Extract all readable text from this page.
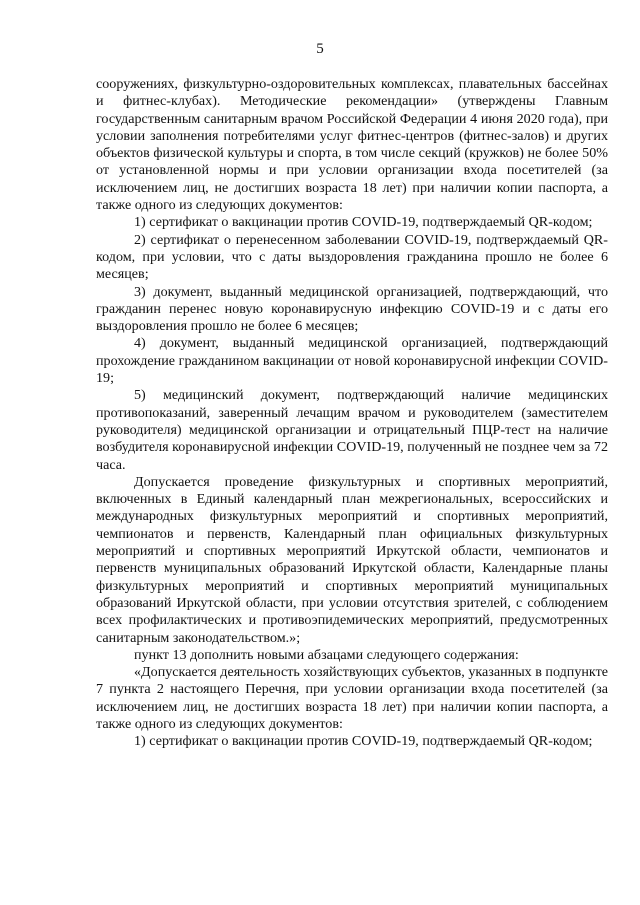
5

сооружениях, физкультурно-оздоровительных комплексах, плавательных бассейнах и фитнес-клубах). Методические рекомендации» (утверждены Главным государственным санитарным врачом Российской Федерации 4 июня 2020 года), при условии заполнения потребителями услуг фитнес-центров (фитнес-залов) и других объектов физической культуры и спорта, в том числе секций (кружков) не более 50% от установленной нормы и при условии организации входа посетителей (за исключением лиц, не достигших возраста 18 лет) при наличии копии паспорта, а также одного из следующих документов:

1) сертификат о вакцинации против COVID-19, подтверждаемый QR-кодом;

2) сертификат о перенесенном заболевании COVID-19, подтверждаемый QR-кодом, при условии, что с даты выздоровления гражданина прошло не более 6 месяцев;

3) документ, выданный медицинской организацией, подтверждающий, что гражданин перенес новую коронавирусную инфекцию COVID-19 и с даты его выздоровления прошло не более 6 месяцев;

4) документ, выданный медицинской организацией, подтверждающий прохождение гражданином вакцинации от новой коронавирусной инфекции COVID-19;

5) медицинский документ, подтверждающий наличие медицинских противопоказаний, заверенный лечащим врачом и руководителем (заместителем руководителя) медицинской организации и отрицательный ПЦР-тест на наличие возбудителя коронавирусной инфекции COVID-19, полученный не позднее чем за 72 часа.

Допускается проведение физкультурных и спортивных мероприятий, включенных в Единый календарный план межрегиональных, всероссийских и международных физкультурных мероприятий и спортивных мероприятий, чемпионатов и первенств, Календарный план официальных физкультурных мероприятий и спортивных мероприятий Иркутской области, чемпионатов и первенств муниципальных образований Иркутской области, Календарные планы физкультурных мероприятий и спортивных мероприятий муниципальных образований Иркутской области, при условии отсутствия зрителей, с соблюдением всех профилактических и противоэпидемических мероприятий, предусмотренных санитарным законодательством.»;

пункт 13 дополнить новыми абзацами следующего содержания:

«Допускается деятельность хозяйствующих субъектов, указанных в подпункте 7 пункта 2 настоящего Перечня, при условии организации входа посетителей (за исключением лиц, не достигших возраста 18 лет) при наличии копии паспорта, а также одного из следующих документов:

1) сертификат о вакцинации против COVID-19, подтверждаемый QR-кодом;
